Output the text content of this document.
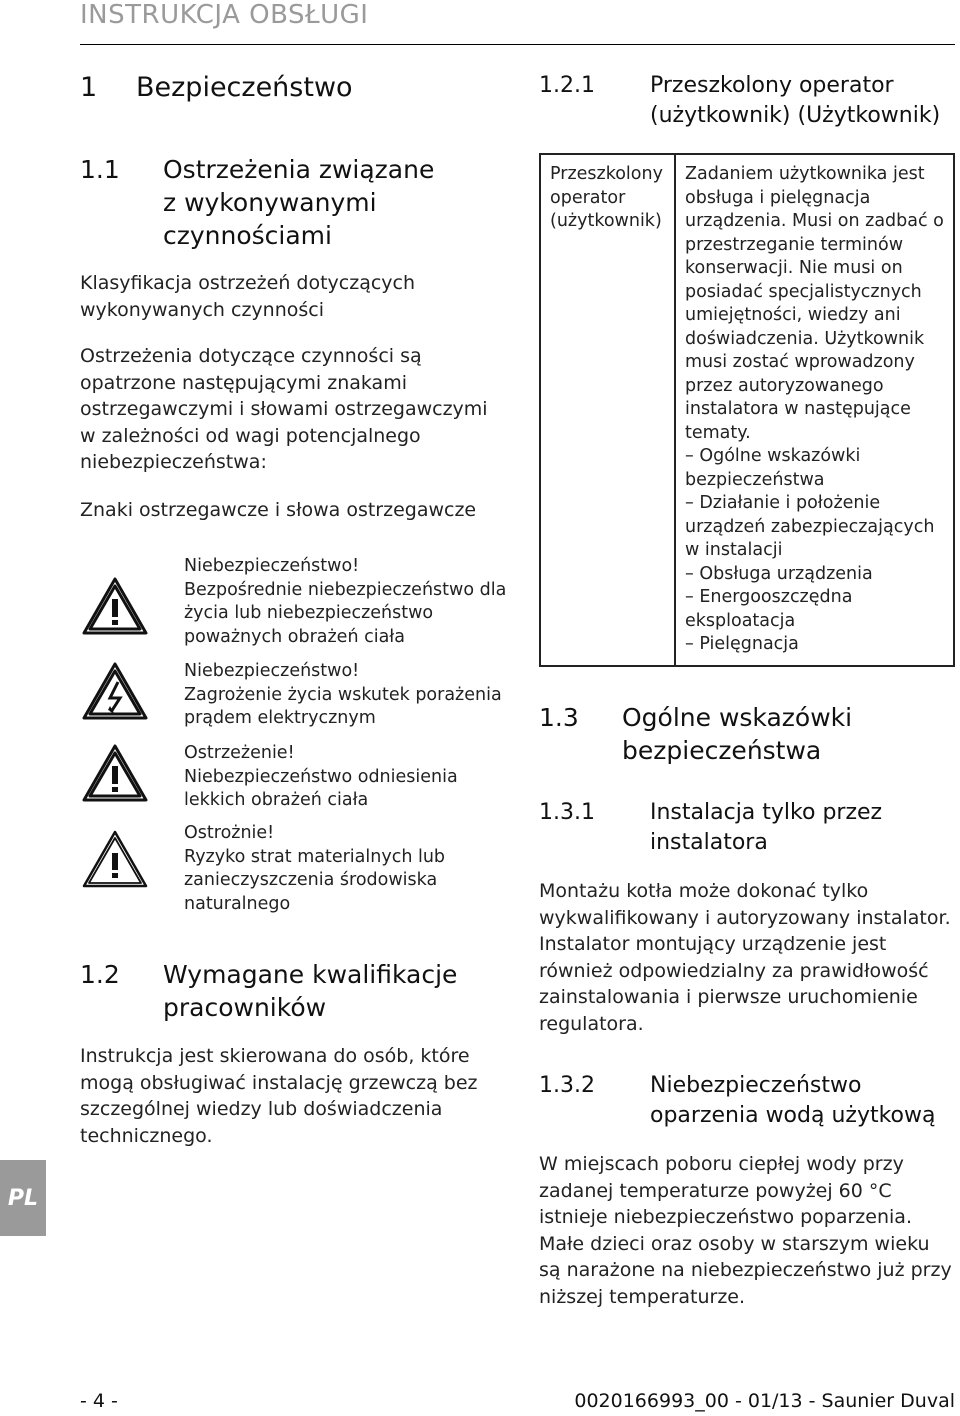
INSTRUKCJA OBSŁUGI
1 Bezpieczeństwo
1.1 Ostrzeżenia związane
z wykonywanymi
czynnościami
Klasyfikacja ostrzeżeń dotyczących wykonywanych czynności
Ostrzeżenia dotyczące czynności są opatrzone następującymi znakami ostrzegawczymi i słowami ostrzegawczymi w zależności od wagi potencjalnego niebezpieczeństwa:
Znaki ostrzegawcze i słowa ostrzegawcze
Niebezpieczeństwo!
Bezpośrednie niebezpieczeństwo dla życia lub niebezpieczeństwo poważnych obrażeń ciała
Niebezpieczeństwo!
Zagrożenie życia wskutek porażenia prądem elektrycznym
Ostrzeżenie!
Niebezpieczeństwo odniesienia lekkich obrażeń ciała
Ostrożnie!
Ryzyko strat materialnych lub zanieczyszczenia środowiska naturalnego
1.2 Wymagane kwalifikacje
pracowników
Instrukcja jest skierowana do osób, które mogą obsługiwać instalację grzewczą bez szczególnej wiedzy lub doświadczenia technicznego.
1.2.1	Przeszkolony operator
(użytkownik) (Użytkownik)
Przeszkolony operator (użytkownik)	
Zadaniem użytkownika jest obsługa i pielęgnacja urządzenia. Musi on zadbać o przestrzeganie terminów konserwacji. Nie musi on posiadać specjalistycznych umiejętności, wiedzy ani doświadczenia. Użytkownik musi zostać wprowadzony przez autoryzowanego instalatora w następujące tematy.
– Ogólne wskazówki bezpieczeństwa
– Działanie i położenie urządzeń zabezpieczających w instalacji
– Obsługa urządzenia
– Energooszczędna eksploatacja
– Pielęgnacja
1.3 Ogólne wskazówki
bezpieczeństwa
1.3.1	Instalacja tylko przez
instalatora
Montażu kotła może dokonać tylko wykwalifikowany i autoryzowany instalator. Instalator montujący urządzenie jest również odpowiedzialny za prawidłowość zainstalowania i pierwsze uruchomienie regulatora.
1.3.2	Niebezpieczeństwo
oparzenia wodą użytkową
W miejscach poboru ciepłej wody przy zadanej temperaturze powyżej 60 °C istnieje niebezpieczeństwo poparzenia. Małe dzieci oraz osoby w starszym wieku są narażone na niebezpieczeństwo już przy niższej temperaturze.
PL
- 4 -	0020166993_00 - 01/13 - Saunier Duval
